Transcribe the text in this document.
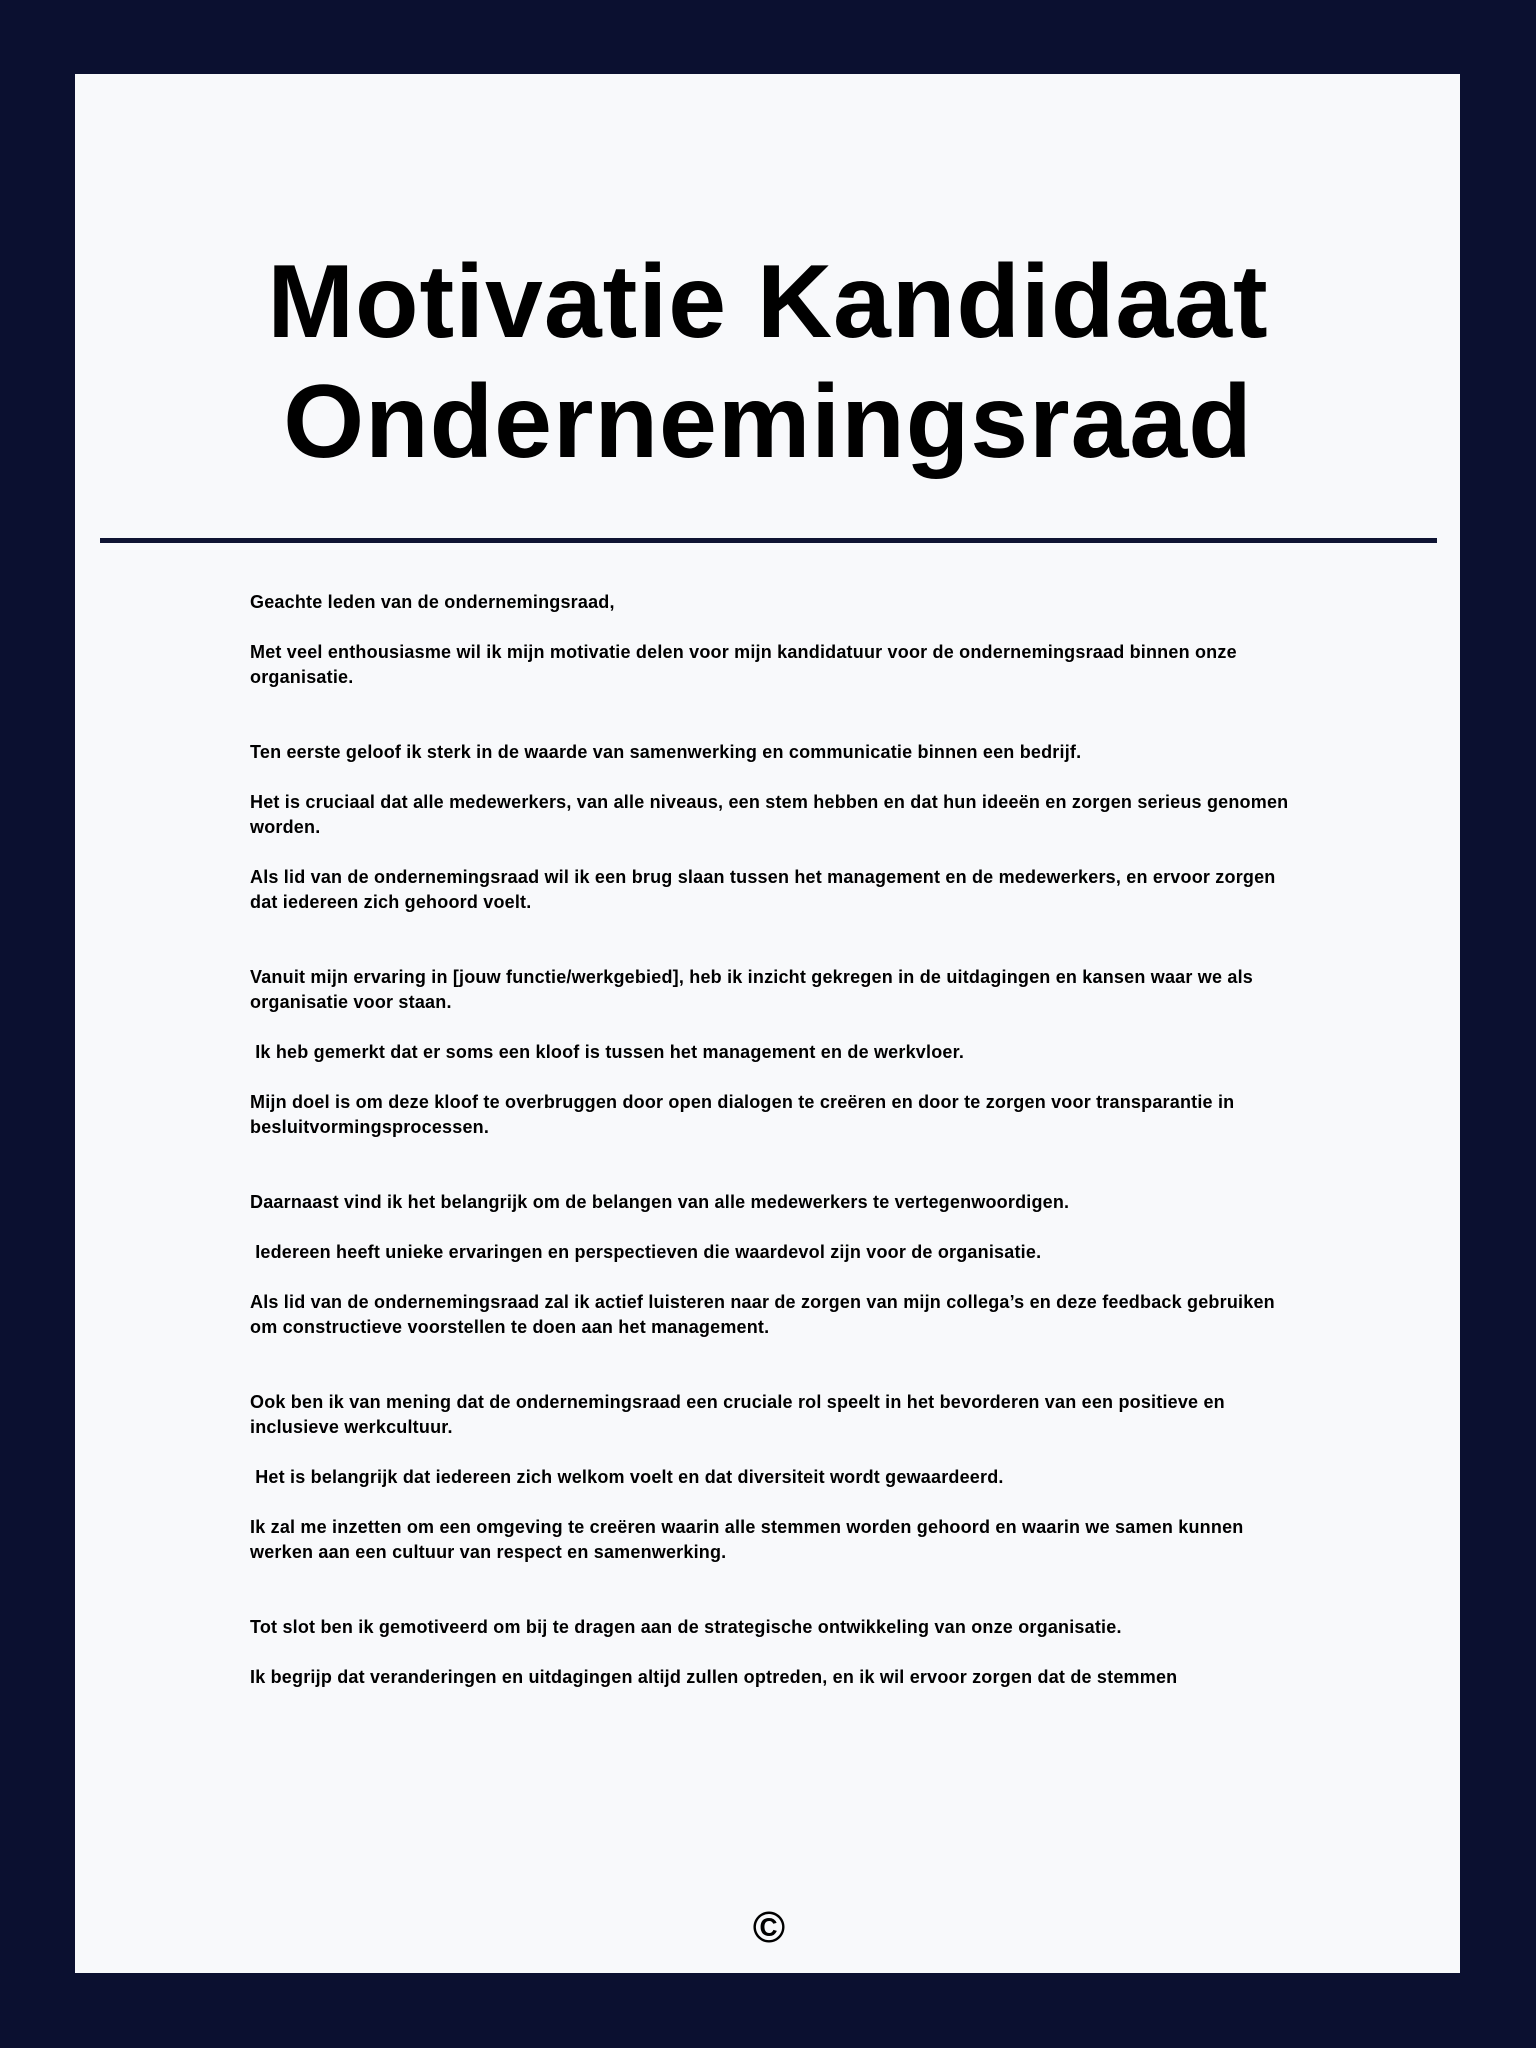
Motivatie Kandidaat
Ondernemingsraad

Geachte leden van de ondernemingsraad,

Met veel enthousiasme wil ik mijn motivatie delen voor mijn kandidatuur voor de ondernemingsraad binnen onze organisatie.

Ten eerste geloof ik sterk in de waarde van samenwerking en communicatie binnen een bedrijf.

Het is cruciaal dat alle medewerkers, van alle niveaus, een stem hebben en dat hun ideeën en zorgen serieus genomen worden.

Als lid van de ondernemingsraad wil ik een brug slaan tussen het management en de medewerkers, en ervoor zorgen dat iedereen zich gehoord voelt.

Vanuit mijn ervaring in [jouw functie/werkgebied], heb ik inzicht gekregen in de uitdagingen en kansen waar we als organisatie voor staan.

Ik heb gemerkt dat er soms een kloof is tussen het management en de werkvloer.

Mijn doel is om deze kloof te overbruggen door open dialogen te creëren en door te zorgen voor transparantie in besluitvormingsprocessen.

Daarnaast vind ik het belangrijk om de belangen van alle medewerkers te vertegenwoordigen.

Iedereen heeft unieke ervaringen en perspectieven die waardevol zijn voor de organisatie.

Als lid van de ondernemingsraad zal ik actief luisteren naar de zorgen van mijn collega’s en deze feedback gebruiken om constructieve voorstellen te doen aan het management.

Ook ben ik van mening dat de ondernemingsraad een cruciale rol speelt in het bevorderen van een positieve en inclusieve werkcultuur.

Het is belangrijk dat iedereen zich welkom voelt en dat diversiteit wordt gewaardeerd.

Ik zal me inzetten om een omgeving te creëren waarin alle stemmen worden gehoord en waarin we samen kunnen werken aan een cultuur van respect en samenwerking.

Tot slot ben ik gemotiveerd om bij te dragen aan de strategische ontwikkeling van onze organisatie.

Ik begrijp dat veranderingen en uitdagingen altijd zullen optreden, en ik wil ervoor zorgen dat de stemmen

©
